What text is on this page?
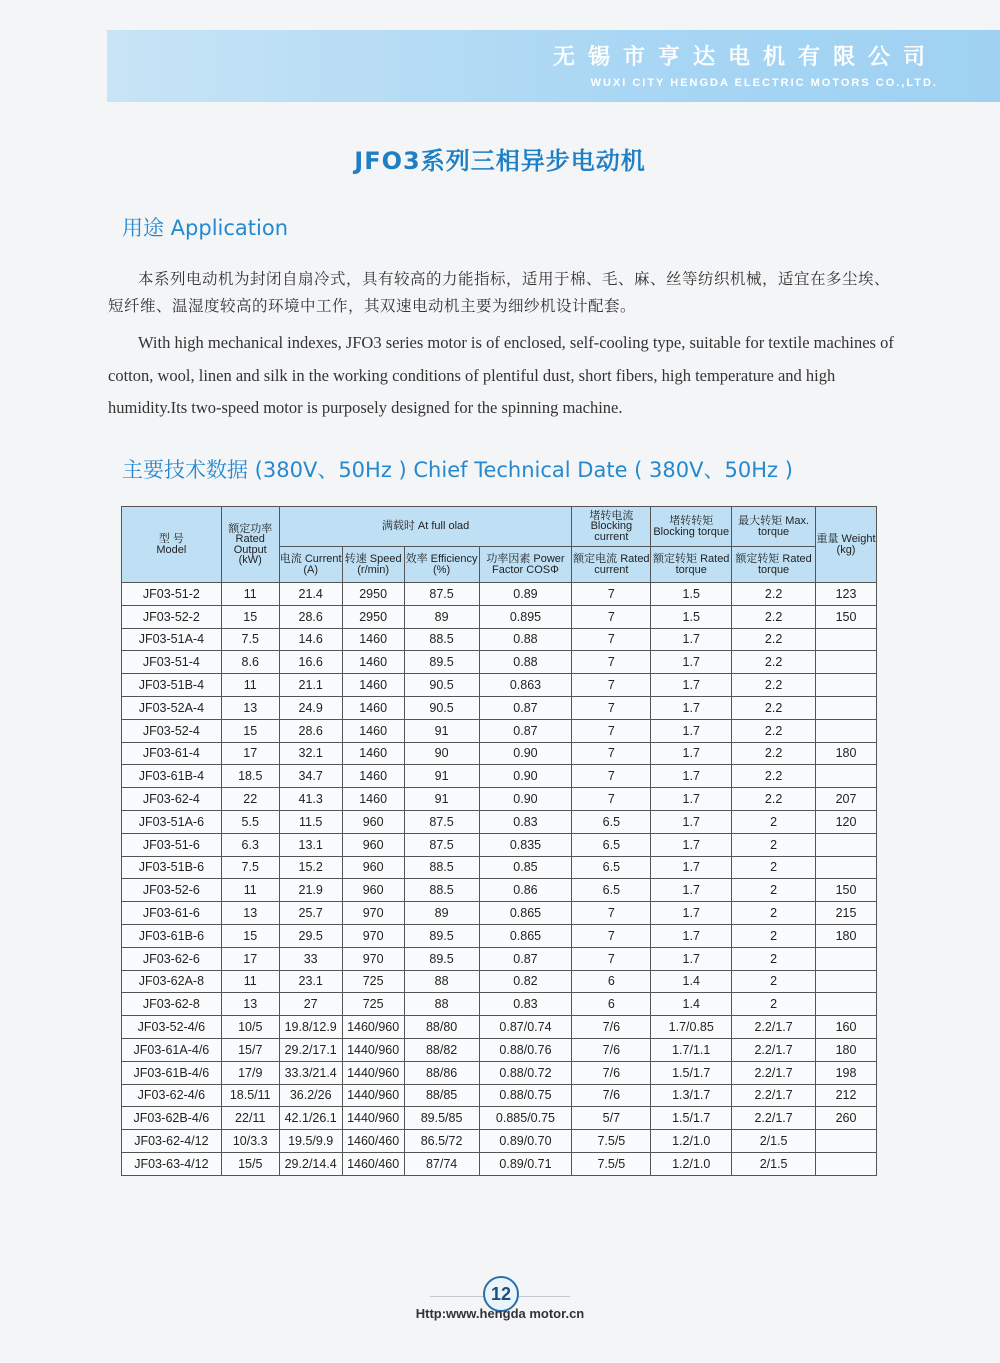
无锡市亨达电机有限公司
WUXI CITY HENGDA ELECTRIC MOTORS CO.,LTD.
JFO3系列三相异步电动机
用途 Application
本系列电动机为封闭自扇冷式，具有较高的力能指标，适用于棉、毛、麻、丝等纺织机械，适宜在多尘埃、短纤维、温湿度较高的环境中工作，其双速电动机主要为细纱机设计配套。
With high mechanical indexes, JFO3 series motor is of enclosed, self-cooling type, suitable for textile machines of cotton, wool, linen and silk in the working conditions of plentiful dust, short fibers, high temperature and high humidity.Its two-speed motor is purposely designed for the spinning machine.
主要技术数据 (380V、50Hz ) Chief Technical Date ( 380V、50Hz )
型 号
Model	额定功率 Rated Output (kW)	满载时 At full olad				堵转电流 Blocking current	堵转转矩 Blocking torque	最大转矩 Max. torque	重量 Weight (kg)

		电流 Current (A)	转速 Speed (r/min)	效率 Efficiency (%)	功率因素 Power Factor COSΦ	额定电流 Rated current	额定转矩 Rated torque	额定转矩 Rated torque	

JF03-51-2	11	21.4	2950	87.5	0.89	7	1.5	2.2	123
JF03-52-2	15	28.6	2950	89	0.895	7	1.5	2.2	150
JF03-51A-4	7.5	14.6	1460	88.5	0.88	7	1.7	2.2	
JF03-51-4	8.6	16.6	1460	89.5	0.88	7	1.7	2.2	
JF03-51B-4	11	21.1	1460	90.5	0.863	7	1.7	2.2	
JF03-52A-4	13	24.9	1460	90.5	0.87	7	1.7	2.2	
JF03-52-4	15	28.6	1460	91	0.87	7	1.7	2.2	
JF03-61-4	17	32.1	1460	90	0.90	7	1.7	2.2	180
JF03-61B-4	18.5	34.7	1460	91	0.90	7	1.7	2.2	
JF03-62-4	22	41.3	1460	91	0.90	7	1.7	2.2	207
JF03-51A-6	5.5	11.5	960	87.5	0.83	6.5	1.7	2	120
JF03-51-6	6.3	13.1	960	87.5	0.835	6.5	1.7	2	
JF03-51B-6	7.5	15.2	960	88.5	0.85	6.5	1.7	2	
JF03-52-6	11	21.9	960	88.5	0.86	6.5	1.7	2	150
JF03-61-6	13	25.7	970	89	0.865	7	1.7	2	215
JF03-61B-6	15	29.5	970	89.5	0.865	7	1.7	2	180
JF03-62-6	17	33	970	89.5	0.87	7	1.7	2	
JF03-62A-8	11	23.1	725	88	0.82	6	1.4	2	
JF03-62-8	13	27	725	88	0.83	6	1.4	2	
JF03-52-4/6	10/5	19.8/12.9	1460/960	88/80	0.87/0.74	7/6	1.7/0.85	2.2/1.7	160
JF03-61A-4/6	15/7	29.2/17.1	1440/960	88/82	0.88/0.76	7/6	1.7/1.1	2.2/1.7	180
JF03-61B-4/6	17/9	33.3/21.4	1440/960	88/86	0.88/0.72	7/6	1.5/1.7	2.2/1.7	198
JF03-62-4/6	18.5/11	36.2/26	1440/960	88/85	0.88/0.75	7/6	1.3/1.7	2.2/1.7	212
JF03-62B-4/6	22/11	42.1/26.1	1440/960	89.5/85	0.885/0.75	5/7	1.5/1.7	2.2/1.7	260
JF03-62-4/12	10/3.3	19.5/9.9	1460/460	86.5/72	0.89/0.70	7.5/5	1.2/1.0	2/1.5	
JF03-63-4/12	15/5	29.2/14.4	1460/460	87/74	0.89/0.71	7.5/5	1.2/1.0	2/1.5	
12
Http:www.hengda motor.cn
